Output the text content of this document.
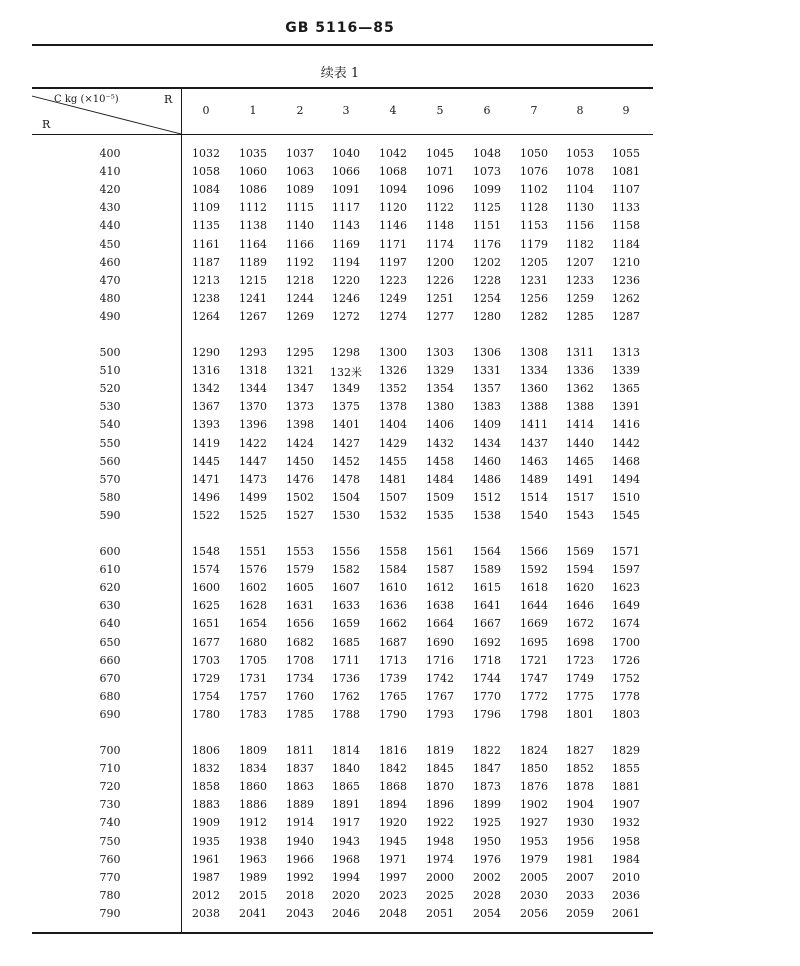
GB 5116—85
续表 1
C kg (×10⁻⁵)	R
R
0	1	2	3	4	5	6	7	8	9
400	1032	1035	1037	1040	1042	1045	1048	1050	1053	1055
410	1058	1060	1063	1066	1068	1071	1073	1076	1078	1081
420	1084	1086	1089	1091	1094	1096	1099	1102	1104	1107
430	1109	1112	1115	1117	1120	1122	1125	1128	1130	1133
440	1135	1138	1140	1143	1146	1148	1151	1153	1156	1158
450	1161	1164	1166	1169	1171	1174	1176	1179	1182	1184
460	1187	1189	1192	1194	1197	1200	1202	1205	1207	1210
470	1213	1215	1218	1220	1223	1226	1228	1231	1233	1236
480	1238	1241	1244	1246	1249	1251	1254	1256	1259	1262
490	1264	1267	1269	1272	1274	1277	1280	1282	1285	1287
500	1290	1293	1295	1298	1300	1303	1306	1308	1311	1313
510	1316	1318	1321	132米	1326	1329	1331	1334	1336	1339
520	1342	1344	1347	1349	1352	1354	1357	1360	1362	1365
530	1367	1370	1373	1375	1378	1380	1383	1388	1388	1391
540	1393	1396	1398	1401	1404	1406	1409	1411	1414	1416
550	1419	1422	1424	1427	1429	1432	1434	1437	1440	1442
560	1445	1447	1450	1452	1455	1458	1460	1463	1465	1468
570	1471	1473	1476	1478	1481	1484	1486	1489	1491	1494
580	1496	1499	1502	1504	1507	1509	1512	1514	1517	1510
590	1522	1525	1527	1530	1532	1535	1538	1540	1543	1545
600	1548	1551	1553	1556	1558	1561	1564	1566	1569	1571
610	1574	1576	1579	1582	1584	1587	1589	1592	1594	1597
620	1600	1602	1605	1607	1610	1612	1615	1618	1620	1623
630	1625	1628	1631	1633	1636	1638	1641	1644	1646	1649
640	1651	1654	1656	1659	1662	1664	1667	1669	1672	1674
650	1677	1680	1682	1685	1687	1690	1692	1695	1698	1700
660	1703	1705	1708	1711	1713	1716	1718	1721	1723	1726
670	1729	1731	1734	1736	1739	1742	1744	1747	1749	1752
680	1754	1757	1760	1762	1765	1767	1770	1772	1775	1778
690	1780	1783	1785	1788	1790	1793	1796	1798	1801	1803
700	1806	1809	1811	1814	1816	1819	1822	1824	1827	1829
710	1832	1834	1837	1840	1842	1845	1847	1850	1852	1855
720	1858	1860	1863	1865	1868	1870	1873	1876	1878	1881
730	1883	1886	1889	1891	1894	1896	1899	1902	1904	1907
740	1909	1912	1914	1917	1920	1922	1925	1927	1930	1932
750	1935	1938	1940	1943	1945	1948	1950	1953	1956	1958
760	1961	1963	1966	1968	1971	1974	1976	1979	1981	1984
770	1987	1989	1992	1994	1997	2000	2002	2005	2007	2010
780	2012	2015	2018	2020	2023	2025	2028	2030	2033	2036
790	2038	2041	2043	2046	2048	2051	2054	2056	2059	2061
